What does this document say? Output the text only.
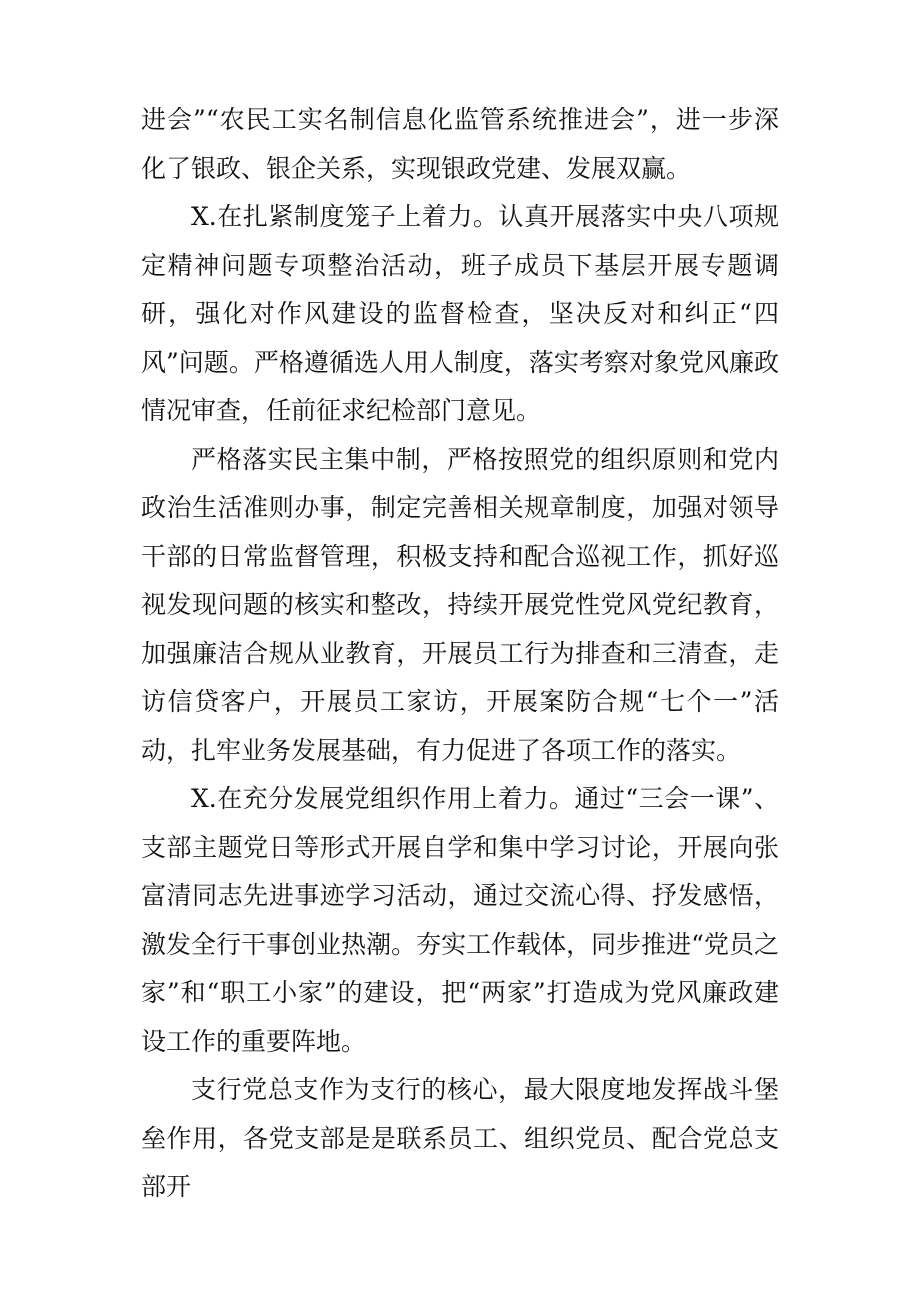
进会”“农民工实名制信息化监管系统推进会”，进一步深化了银政、银企关系，实现银政党建、发展双赢。

X.在扎紧制度笼子上着力。认真开展落实中央八项规定精神问题专项整治活动，班子成员下基层开展专题调研，强化对作风建设的监督检查，坚决反对和纠正“四风”问题。严格遵循选人用人制度，落实考察对象党风廉政情况审查，任前征求纪检部门意见。

严格落实民主集中制，严格按照党的组织原则和党内政治生活准则办事，制定完善相关规章制度，加强对领导干部的日常监督管理，积极支持和配合巡视工作，抓好巡视发现问题的核实和整改，持续开展党性党风党纪教育，加强廉洁合规从业教育，开展员工行为排查和三清查，走访信贷客户，开展员工家访，开展案防合规“七个一”活动，扎牢业务发展基础，有力促进了各项工作的落实。

X.在充分发展党组织作用上着力。通过“三会一课”、支部主题党日等形式开展自学和集中学习讨论，开展向张富清同志先进事迹学习活动，通过交流心得、抒发感悟，激发全行干事创业热潮。夯实工作载体，同步推进“党员之家”和“职工小家”的建设，把“两家”打造成为党风廉政建设工作的重要阵地。

支行党总支作为支行的核心，最大限度地发挥战斗堡垒作用，各党支部是是联系员工、组织党员、配合党总支部开
